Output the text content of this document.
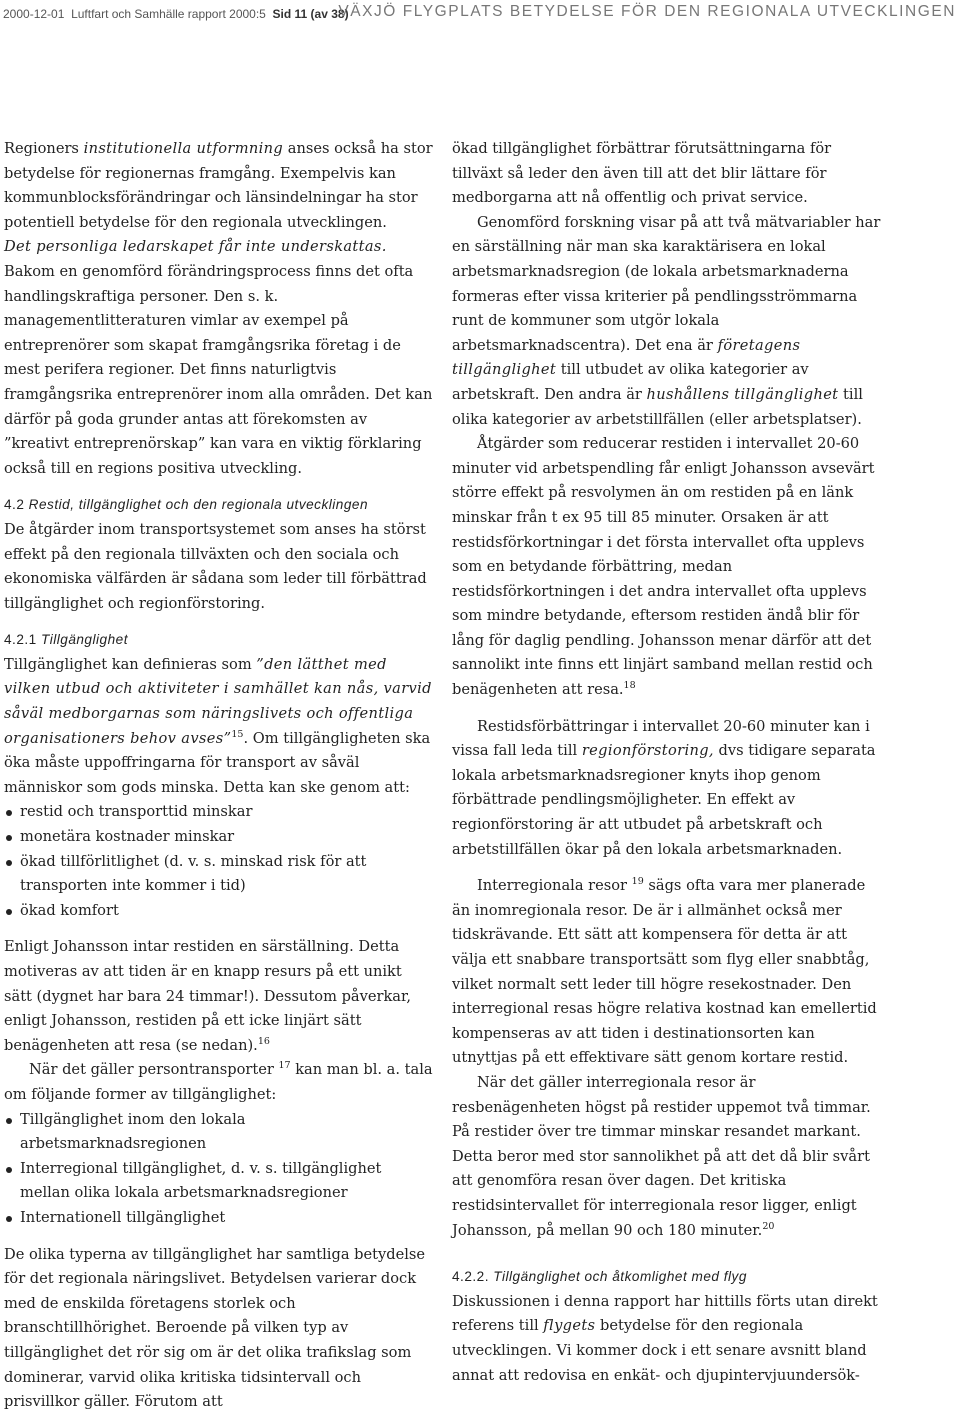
2000-12-01 Luftfart och Samhälle rapport 2000:5 Sid 11 (av 38)
VÄXJÖ FLYGPLATS BETYDELSE FÖR DEN REGIONALA UTVECKLINGEN

Regioners institutionella utformning anses också ha stor betydelse för regionernas framgång. Exempelvis kan kommunblocksförändringar och länsindelningar ha stor potentiell betydelse för den regionala utvecklingen.

Det personliga ledarskapet får inte underskattas. Bakom en genomförd förändringsprocess finns det ofta handlingskraftiga personer. Den s. k. managementlitteraturen vimlar av exempel på entreprenörer som skapat framgångsrika företag i de mest perifera regioner. Det finns naturligtvis framgångsrika entreprenörer inom alla områden. Det kan därför på goda grunder antas att förekomsten av ”kreativt entreprenörskap” kan vara en viktig förklaring också till en regions positiva utveckling.

4.2 Restid, tillgänglighet och den regionala utvecklingen

De åtgärder inom transportsystemet som anses ha störst effekt på den regionala tillväxten och den sociala och ekonomiska välfärden är sådana som leder till förbättrad tillgänglighet och regionförstoring.

4.2.1 Tillgänglighet

Tillgänglighet kan definieras som ”den lätthet med vilken utbud och aktiviteter i samhället kan nås, varvid såväl medborgarnas som näringslivets och offentliga organisationers behov avses”$^{15}$. Om tillgängligheten ska öka måste uppoffringarna för transport av såväl människor som gods minska. Detta kan ske genom att:

restid och transporttid minskar
monetära kostnader minskar
ökad tillförlitlighet (d. v. s. minskad risk för att transporten inte kommer i tid)
ökad komfort

Enligt Johansson intar restiden en särställning. Detta motiveras av att tiden är en knapp resurs på ett unikt sätt (dygnet har bara 24 timmar!). Dessutom påverkar, enligt Johansson, restiden på ett icke linjärt sätt benägenheten att resa (se nedan).$^{16}$

När det gäller persontransporter $^{17}$ kan man bl. a. tala om följande former av tillgänglighet:

Tillgänglighet inom den lokala arbetsmarknadsregionen
Interregional tillgänglighet, d. v. s. tillgänglighet mellan olika lokala arbetsmarknadsregioner
Internationell tillgänglighet

De olika typerna av tillgänglighet har samtliga betydelse för det regionala näringslivet. Betydelsen varierar dock med de enskilda företagens storlek och branschtillhörighet. Beroende på vilken typ av tillgänglighet det rör sig om är det olika trafikslag som dominerar, varvid olika kritiska tidsintervall och prisvillkor gäller. Förutom att

ökad tillgänglighet förbättrar förutsättningarna för tillväxt så leder den även till att det blir lättare för medborgarna att nå offentlig och privat service.

Genomförd forskning visar på att två mätvariabler har en särställning när man ska karaktärisera en lokal arbetsmarknadsregion (de lokala arbetsmarknaderna formeras efter vissa kriterier på pendlingsströmmarna runt de kommuner som utgör lokala arbetsmarknadscentra). Det ena är företagens tillgänglighet till utbudet av olika kategorier av arbetskraft. Den andra är hushållens tillgänglighet till olika kategorier av arbetstillfällen (eller arbetsplatser).

Åtgärder som reducerar restiden i intervallet 20-60 minuter vid arbetspendling får enligt Johansson avsevärt större effekt på resvolymen än om restiden på en länk minskar från t ex 95 till 85 minuter. Orsaken är att restidsförkortningar i det första intervallet ofta upplevs som en betydande förbättring, medan restidsförkortningen i det andra intervallet ofta upplevs som mindre betydande, eftersom restiden ändå blir för lång för daglig pendling. Johansson menar därför att det sannolikt inte finns ett linjärt samband mellan restid och benägenheten att resa.$^{18}$

Restidsförbättringar i intervallet 20-60 minuter kan i vissa fall leda till regionförstoring, dvs tidigare separata lokala arbetsmarknadsregioner knyts ihop genom förbättrade pendlingsmöjligheter. En effekt av regionförstoring är att utbudet på arbetskraft och arbetstillfällen ökar på den lokala arbetsmarknaden.

Interregionala resor $^{19}$ sägs ofta vara mer planerade än inomregionala resor. De är i allmänhet också mer tidskrävande. Ett sätt att kompensera för detta är att välja ett snabbare transportsätt som flyg eller snabbtåg, vilket normalt sett leder till högre resekostnader. Den interregional resas högre relativa kostnad kan emellertid kompenseras av att tiden i destinationsorten kan utnyttjas på ett effektivare sätt genom kortare restid.

När det gäller interregionala resor är resbenägenheten högst på restider uppemot två timmar. På restider över tre timmar minskar resandet markant. Detta beror med stor sannolikhet på att det då blir svårt att genomföra resan över dagen. Det kritiska restidsintervallet för interregionala resor ligger, enligt Johansson, på mellan 90 och 180 minuter.$^{20}$

4.2.2. Tillgänglighet och åtkomlighet med flyg

Diskussionen i denna rapport har hittills förts utan direkt referens till flygets betydelse för den regionala utvecklingen. Vi kommer dock i ett senare avsnitt bland annat att redovisa en enkät- och djupintervjuundersök-
